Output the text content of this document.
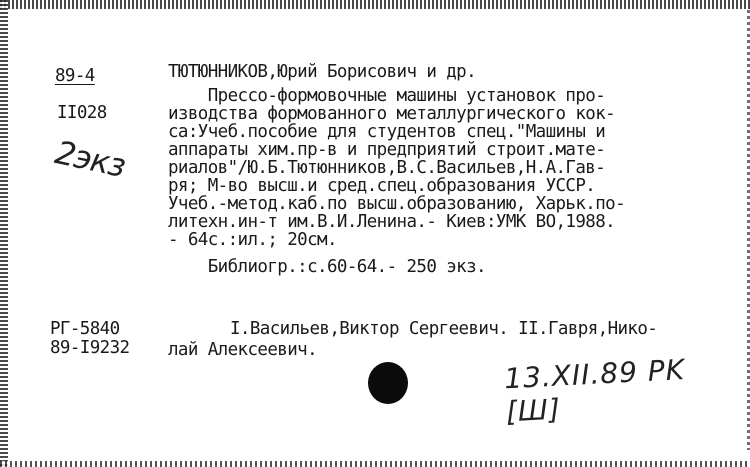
89-4
II028
ТЮТЮННИКОВ,Юрий Борисович и др.
Прессо-формовочные машины установок про-
изводства формованного металлургического кок-
са:Учеб.пособие для студентов спец."Машины и
аппараты хим.пр-в и предприятий строит.мате-
риалов"/Ю.Б.Тютюнников,В.С.Васильев,Н.А.Гав-
ря; М-во высш.и сред.спец.образования УССР.
Учеб.-метод.каб.по высш.образованию, Харьк.по-
литехн.ин-т им.В.И.Ленина.- Киев:УМК ВО,1988.
- 64с.:ил.; 20см.
Библиогр.:с.60-64.- 250 экз.
РГ-5840
89-I9232
I.Васильев,Виктор Сергеевич. II.Гавря,Нико-
лай Алексеевич.
2экз
13.XII.89 PK [Ш]
